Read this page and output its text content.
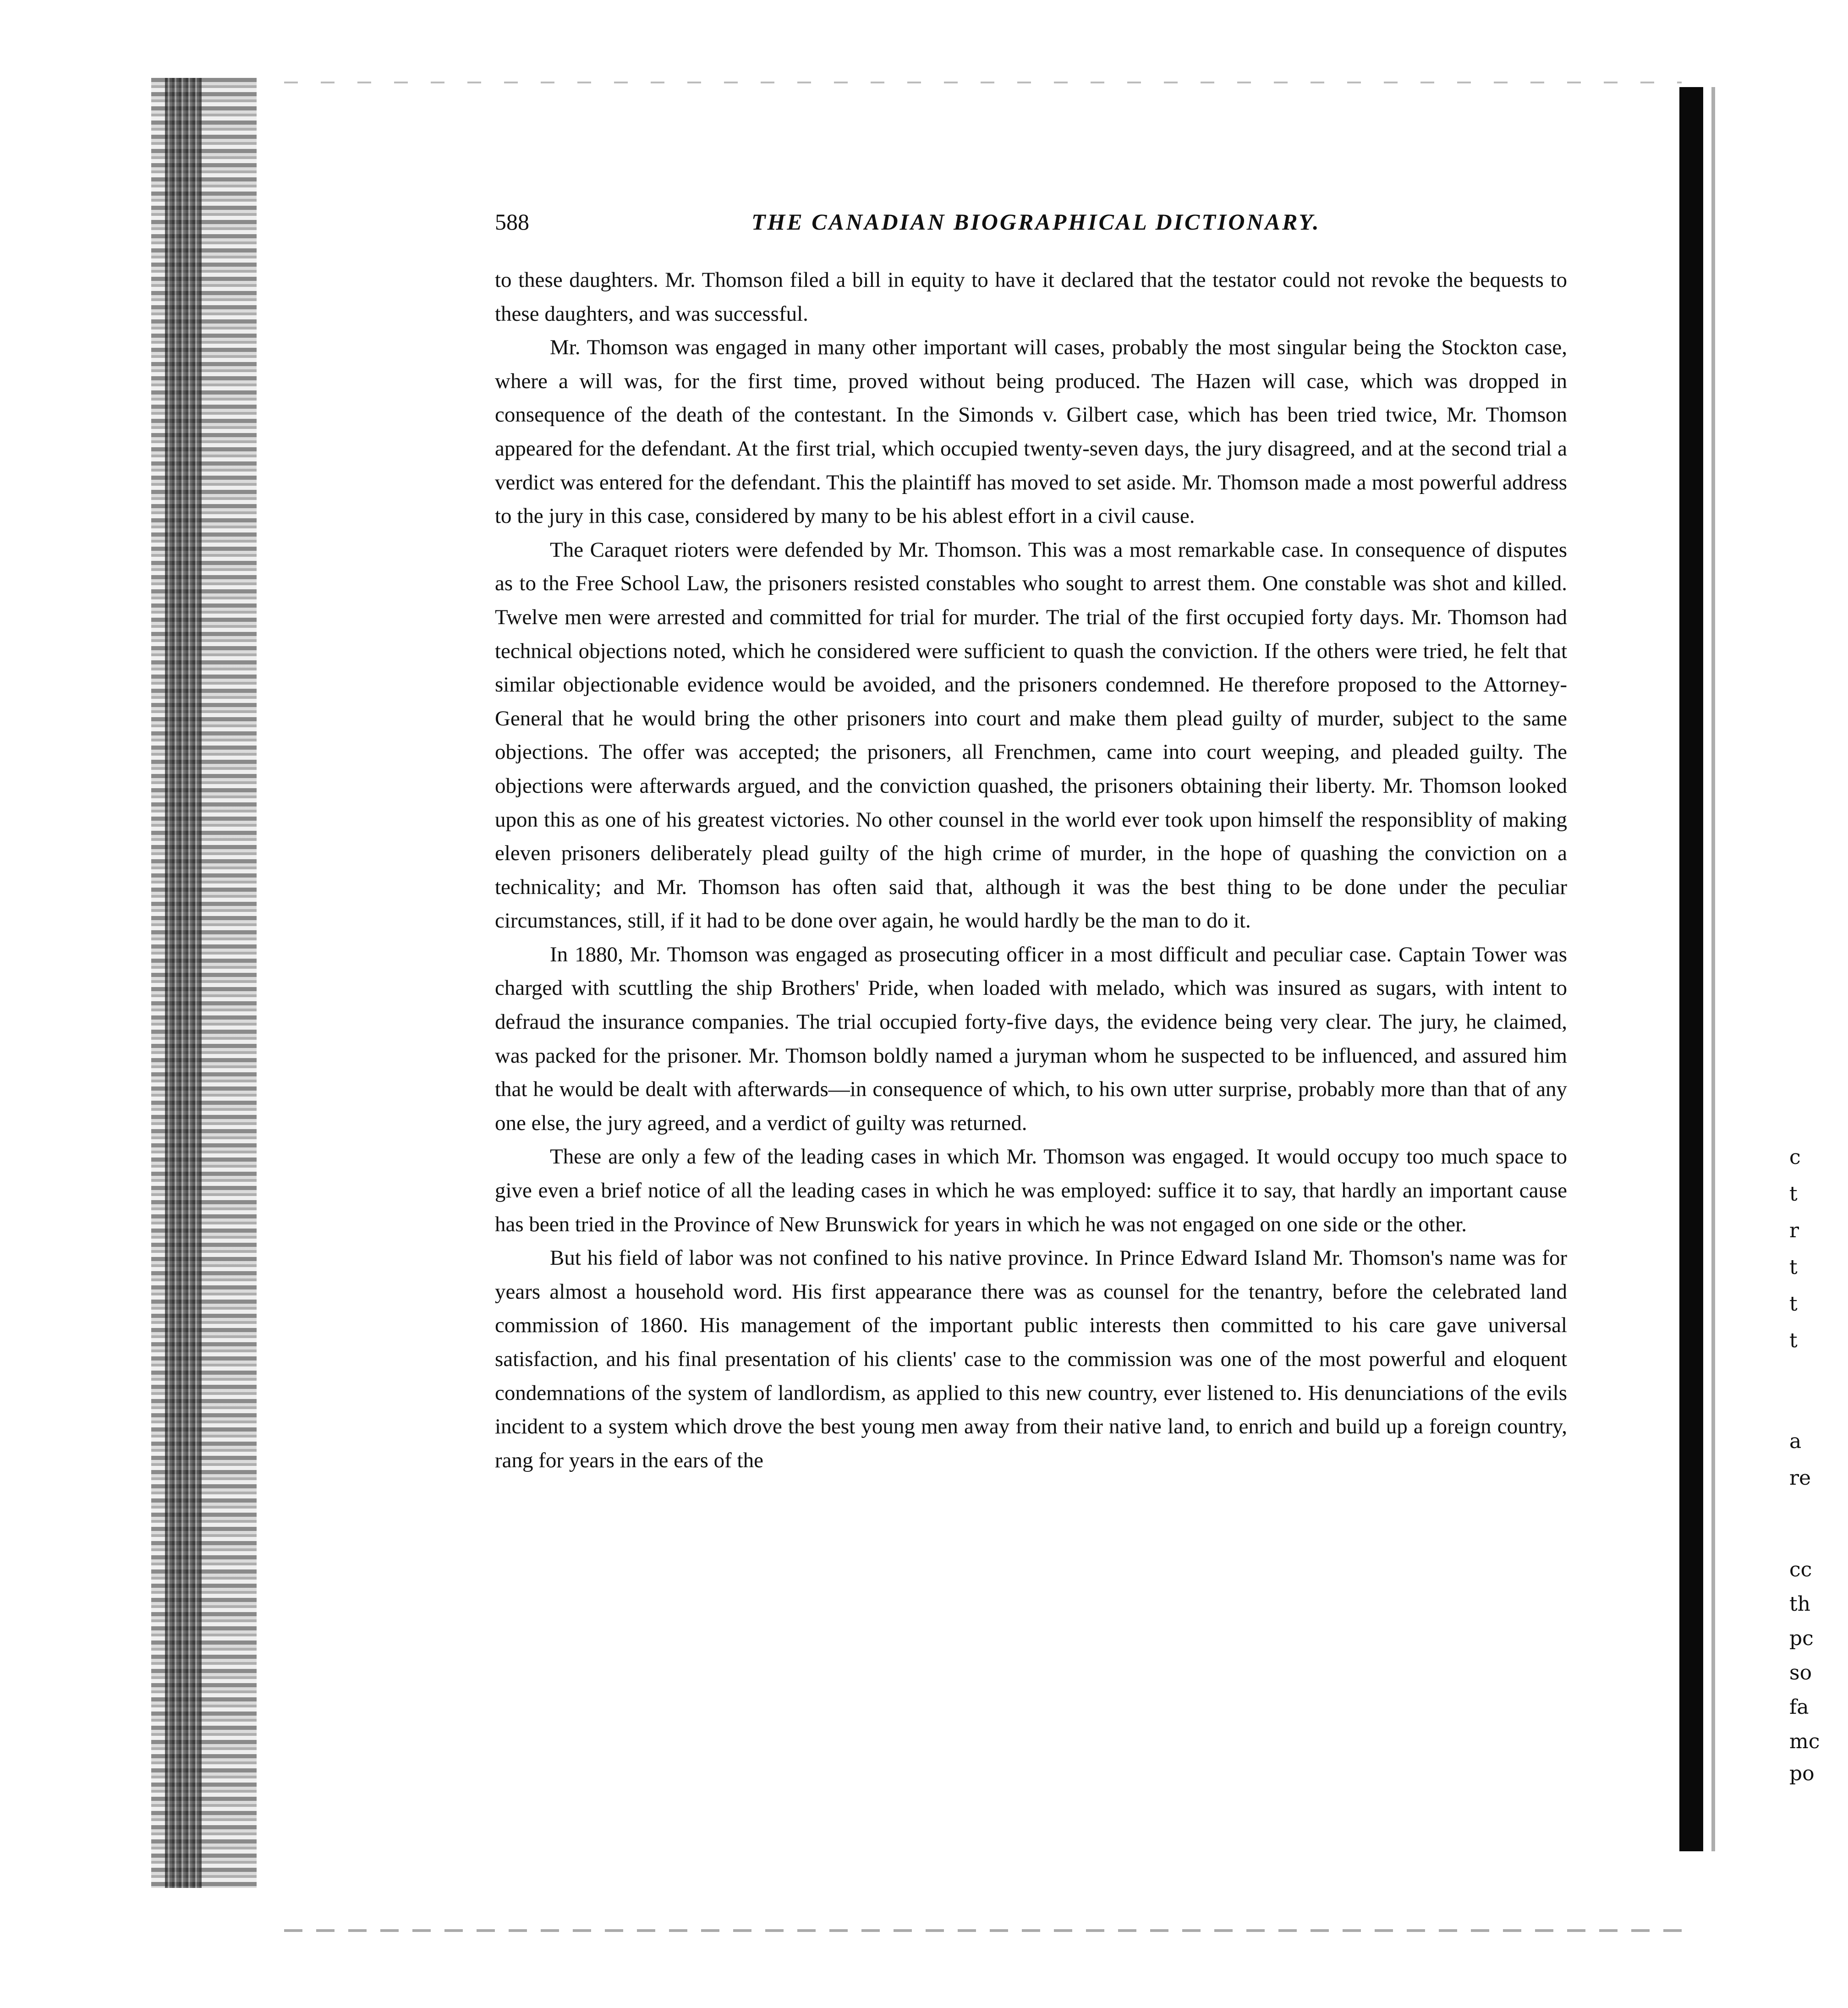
588	THE CANADIAN BIOGRAPHICAL DICTIONARY.

to these daughters. Mr. Thomson filed a bill in equity to have it declared that the testator could not revoke the bequests to these daughters, and was successful.

Mr. Thomson was engaged in many other important will cases, probably the most singular being the Stockton case, where a will was, for the first time, proved without being produced. The Hazen will case, which was dropped in consequence of the death of the contestant. In the Simonds v. Gilbert case, which has been tried twice, Mr. Thomson appeared for the defendant. At the first trial, which occupied twenty-seven days, the jury disagreed, and at the second trial a verdict was entered for the defendant. This the plaintiff has moved to set aside. Mr. Thomson made a most powerful address to the jury in this case, considered by many to be his ablest effort in a civil cause.

The Caraquet rioters were defended by Mr. Thomson. This was a most remarkable case. In consequence of disputes as to the Free School Law, the prisoners resisted constables who sought to arrest them. One constable was shot and killed. Twelve men were arrested and committed for trial for murder. The trial of the first occupied forty days. Mr. Thomson had technical objections noted, which he considered were sufficient to quash the conviction. If the others were tried, he felt that similar objectionable evidence would be avoided, and the prisoners condemned. He therefore proposed to the Attorney-General that he would bring the other prisoners into court and make them plead guilty of murder, subject to the same objections. The offer was accepted; the prisoners, all Frenchmen, came into court weeping, and pleaded guilty. The objections were afterwards argued, and the conviction quashed, the prisoners obtaining their liberty. Mr. Thomson looked upon this as one of his greatest victories. No other counsel in the world ever took upon himself the responsiblity of making eleven prisoners deliberately plead guilty of the high crime of murder, in the hope of quashing the conviction on a technicality; and Mr. Thomson has often said that, although it was the best thing to be done under the peculiar circumstances, still, if it had to be done over again, he would hardly be the man to do it.

In 1880, Mr. Thomson was engaged as prosecuting officer in a most difficult and peculiar case. Captain Tower was charged with scuttling the ship Brothers' Pride, when loaded with melado, which was insured as sugars, with intent to defraud the insurance companies. The trial occupied forty-five days, the evidence being very clear. The jury, he claimed, was packed for the prisoner. Mr. Thomson boldly named a juryman whom he suspected to be influenced, and assured him that he would be dealt with afterwards—in consequence of which, to his own utter surprise, probably more than that of any one else, the jury agreed, and a verdict of guilty was returned.

These are only a few of the leading cases in which Mr. Thomson was engaged. It would occupy too much space to give even a brief notice of all the leading cases in which he was employed: suffice it to say, that hardly an important cause has been tried in the Province of New Brunswick for years in which he was not engaged on one side or the other.

But his field of labor was not confined to his native province. In Prince Edward Island Mr. Thomson's name was for years almost a household word. His first appearance there was as counsel for the tenantry, before the celebrated land commission of 1860. His management of the important public interests then committed to his care gave universal satisfaction, and his final presentation of his clients' case to the commission was one of the most powerful and eloquent condemnations of the system of landlordism, as applied to this new country, ever listened to. His denunciations of the evils incident to a system which drove the best young men away from their native land, to enrich and build up a foreign country, rang for years in the ears of the

c
t
r
t
t
t
a
re
cc
th
pc
so
fa
mc
po
